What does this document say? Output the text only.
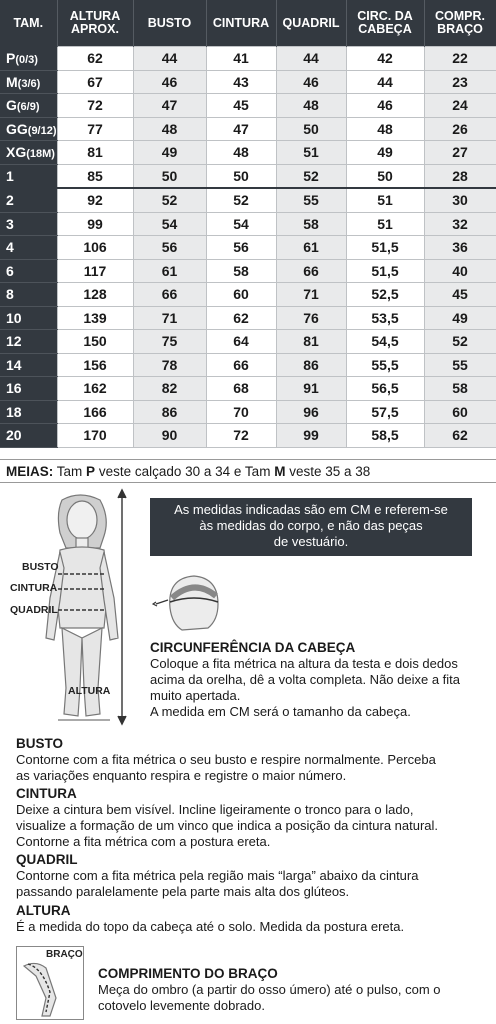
TAM.	ALTURA APROX.	BUSTO	CINTURA	QUADRIL	CIRC. DA CABEÇA	COMPR. BRAÇO
P(0/3)	62	44	41	44	42	22
M(3/6)	67	46	43	46	44	23
G(6/9)	72	47	45	48	46	24
GG(9/12)	77	48	47	50	48	26
XG(18M)	81	49	48	51	49	27
1	85	50	50	52	50	28
2	92	52	52	55	51	30
3	99	54	54	58	51	32
4	106	56	56	61	51,5	36
6	117	61	58	66	51,5	40
8	128	66	60	71	52,5	45
10	139	71	62	76	53,5	49
12	150	75	64	81	54,5	52
14	156	78	66	86	55,5	55
16	162	82	68	91	56,5	58
18	166	86	70	96	57,5	60
20	170	90	72	99	58,5	62
MEIAS: Tam P veste calçado 30 a 34 e Tam M veste 35 a 38
As medidas indicadas são em CM e referem-se
às medidas do corpo, e não das peças
de vestuário.
BUSTO
CINTURA
QUADRIL
ALTURA
CIRCUNFERÊNCIA DA CABEÇA

Coloque a fita métrica na altura da testa e dois dedos

acima da orelha, dê a volta completa. Não deixe a fita

muito apertada.

A medida em CM será o tamanho da cabeça.

BUSTO

Contorne com a fita métrica o seu busto e respire normalmente. Perceba

as variações enquanto respira e registre o maior número.

CINTURA

Deixe a cintura bem visível. Incline ligeiramente o tronco para o lado,

visualize a formação de um vinco que indica a posição da cintura natural.

Contorne a fita métrica com a postura ereta.

QUADRIL

Contorne com a fita métrica pela região mais “larga” abaixo da cintura

passando paralelamente pela parte mais alta dos glúteos.

ALTURA

É a medida do topo da cabeça até o solo. Medida da postura ereta.

BRAÇO
COMPRIMENTO DO BRAÇO

Meça do ombro (a partir do osso úmero) até o pulso, com o

cotovelo levemente dobrado.
